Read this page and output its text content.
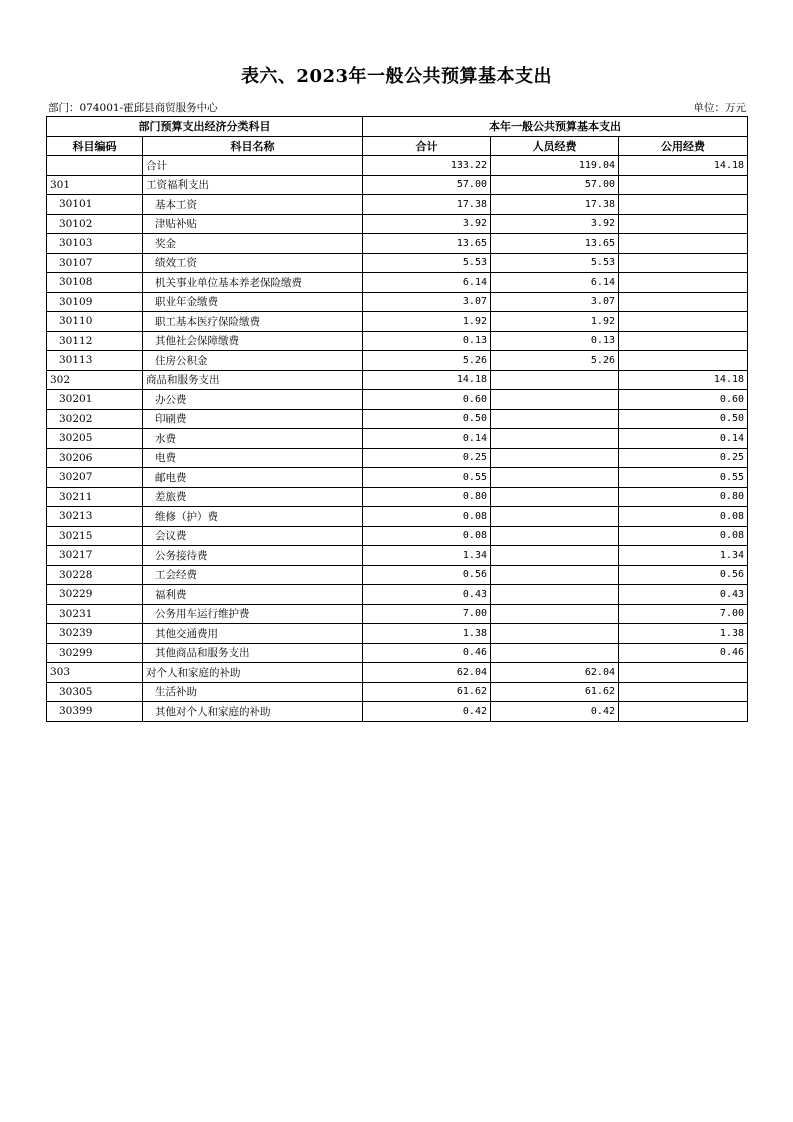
表六、2023年一般公共预算基本支出
部门：074001-霍邱县商贸服务中心	单位：万元
部门预算支出经济分类科目		本年一般公共预算基本支出		
科目编码	科目名称	合计	人员经费	公用经费
	合计	133.22	119.04	14.18
301	工资福利支出	57.00	57.00	
30101	基本工资	17.38	17.38	
30102	津贴补贴	3.92	3.92	
30103	奖金	13.65	13.65	
30107	绩效工资	5.53	5.53	
30108	机关事业单位基本养老保险缴费	6.14	6.14	
30109	职业年金缴费	3.07	3.07	
30110	职工基本医疗保险缴费	1.92	1.92	
30112	其他社会保障缴费	0.13	0.13	
30113	住房公积金	5.26	5.26	
302	商品和服务支出	14.18		14.18
30201	办公费	0.60		0.60
30202	印刷费	0.50		0.50
30205	水费	0.14		0.14
30206	电费	0.25		0.25
30207	邮电费	0.55		0.55
30211	差旅费	0.80		0.80
30213	维修（护）费	0.08		0.08
30215	会议费	0.08		0.08
30217	公务接待费	1.34		1.34
30228	工会经费	0.56		0.56
30229	福利费	0.43		0.43
30231	公务用车运行维护费	7.00		7.00
30239	其他交通费用	1.38		1.38
30299	其他商品和服务支出	0.46		0.46
303	对个人和家庭的补助	62.04	62.04	
30305	生活补助	61.62	61.62	
30399	其他对个人和家庭的补助	0.42	0.42	
